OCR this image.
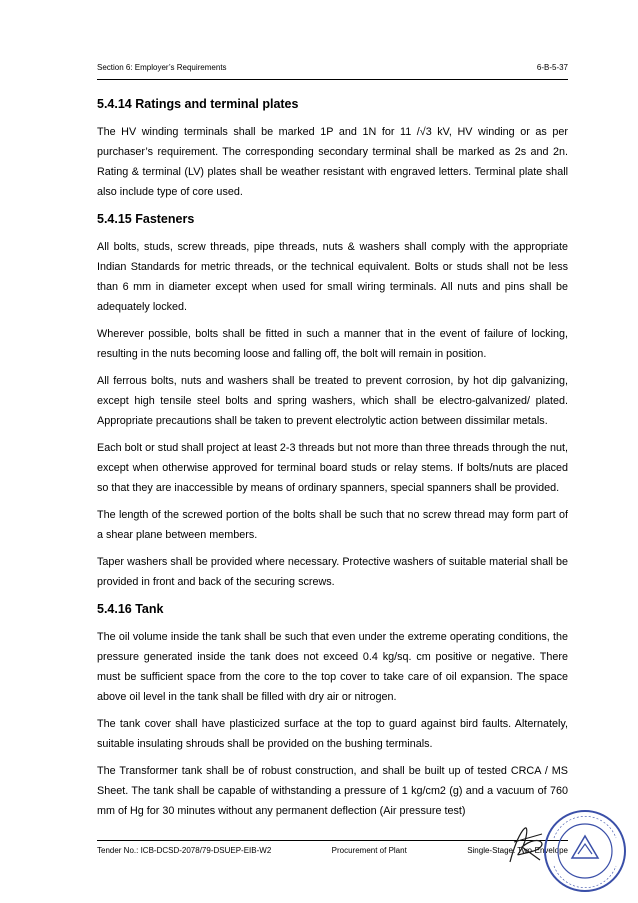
Section 6: Employer’s Requirements	6-B-5-37
5.4.14 Ratings and terminal plates

The HV winding terminals shall be marked 1P and 1N for 11 /√3 kV, HV winding or as per purchaser’s requirement. The corresponding secondary terminal shall be marked as 2s and 2n. Rating & terminal (LV) plates shall be weather resistant with engraved letters. Terminal plate shall also include type of core used.

5.4.15 Fasteners

All bolts, studs, screw threads, pipe threads, nuts & washers shall comply with the appropriate Indian Standards for metric threads, or the technical equivalent. Bolts or studs shall not be less than 6 mm in diameter except when used for small wiring terminals. All nuts and pins shall be adequately locked.

Wherever possible, bolts shall be fitted in such a manner that in the event of failure of locking, resulting in the nuts becoming loose and falling off, the bolt will remain in position.

All ferrous bolts, nuts and washers shall be treated to prevent corrosion, by hot dip galvanizing, except high tensile steel bolts and spring washers, which shall be electro-galvanized/ plated. Appropriate precautions shall be taken to prevent electrolytic action between dissimilar metals.

Each bolt or stud shall project at least 2-3 threads but not more than three threads through the nut, except when otherwise approved for terminal board studs or relay stems. If bolts/nuts are placed so that they are inaccessible by means of ordinary spanners, special spanners shall be provided.

The length of the screwed portion of the bolts shall be such that no screw thread may form part of a shear plane between members.

Taper washers shall be provided where necessary. Protective washers of suitable material shall be provided in front and back of the securing screws.

5.4.16 Tank

The oil volume inside the tank shall be such that even under the extreme operating conditions, the pressure generated inside the tank does not exceed 0.4 kg/sq. cm positive or negative. There must be sufficient space from the core to the top cover to take care of oil expansion. The space above oil level in the tank shall be filled with dry air or nitrogen.

The tank cover shall have plasticized surface at the top to guard against bird faults. Alternately, suitable insulating shrouds shall be provided on the bushing terminals.

The Transformer tank shall be of robust construction, and shall be built up of tested CRCA / MS Sheet. The tank shall be capable of withstanding a pressure of 1 kg/cm2 (g) and a vacuum of 760 mm of Hg for 30 minutes without any permanent deflection (Air pressure test)

Tender No.: ICB-DCSD-2078/79-DSUEP-EIB-W2	Procurement of Plant	Single-Stage: Two-Envelope
